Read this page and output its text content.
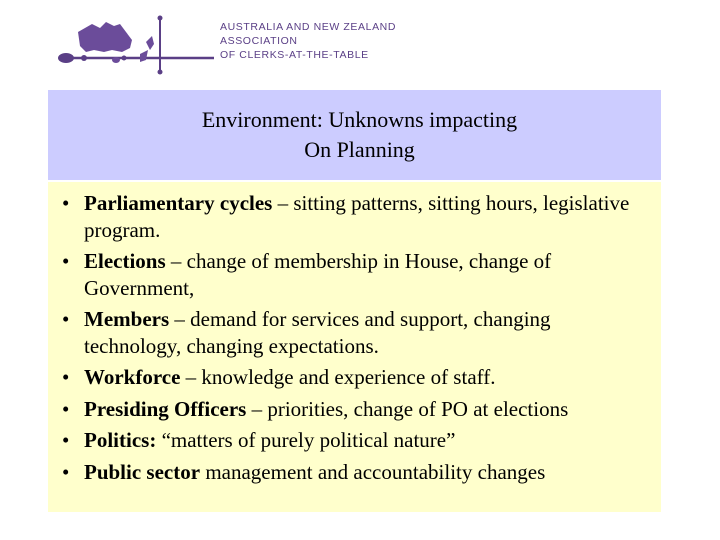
AUSTRALIA AND NEW ZEALAND
ASSOCIATION
OF CLERKS-AT-THE-TABLE
Environment: Unknowns impacting
On Planning
• Parliamentary cycles – sitting patterns, sitting hours, legislative program.
• Elections – change of membership in House, change of Government,
• Members – demand for services and support, changing technology, changing expectations.
• Workforce – knowledge and experience of staff.
• Presiding Officers – priorities, change of PO at elections
• Politics: “matters of purely political nature”
• Public sector management and accountability changes
